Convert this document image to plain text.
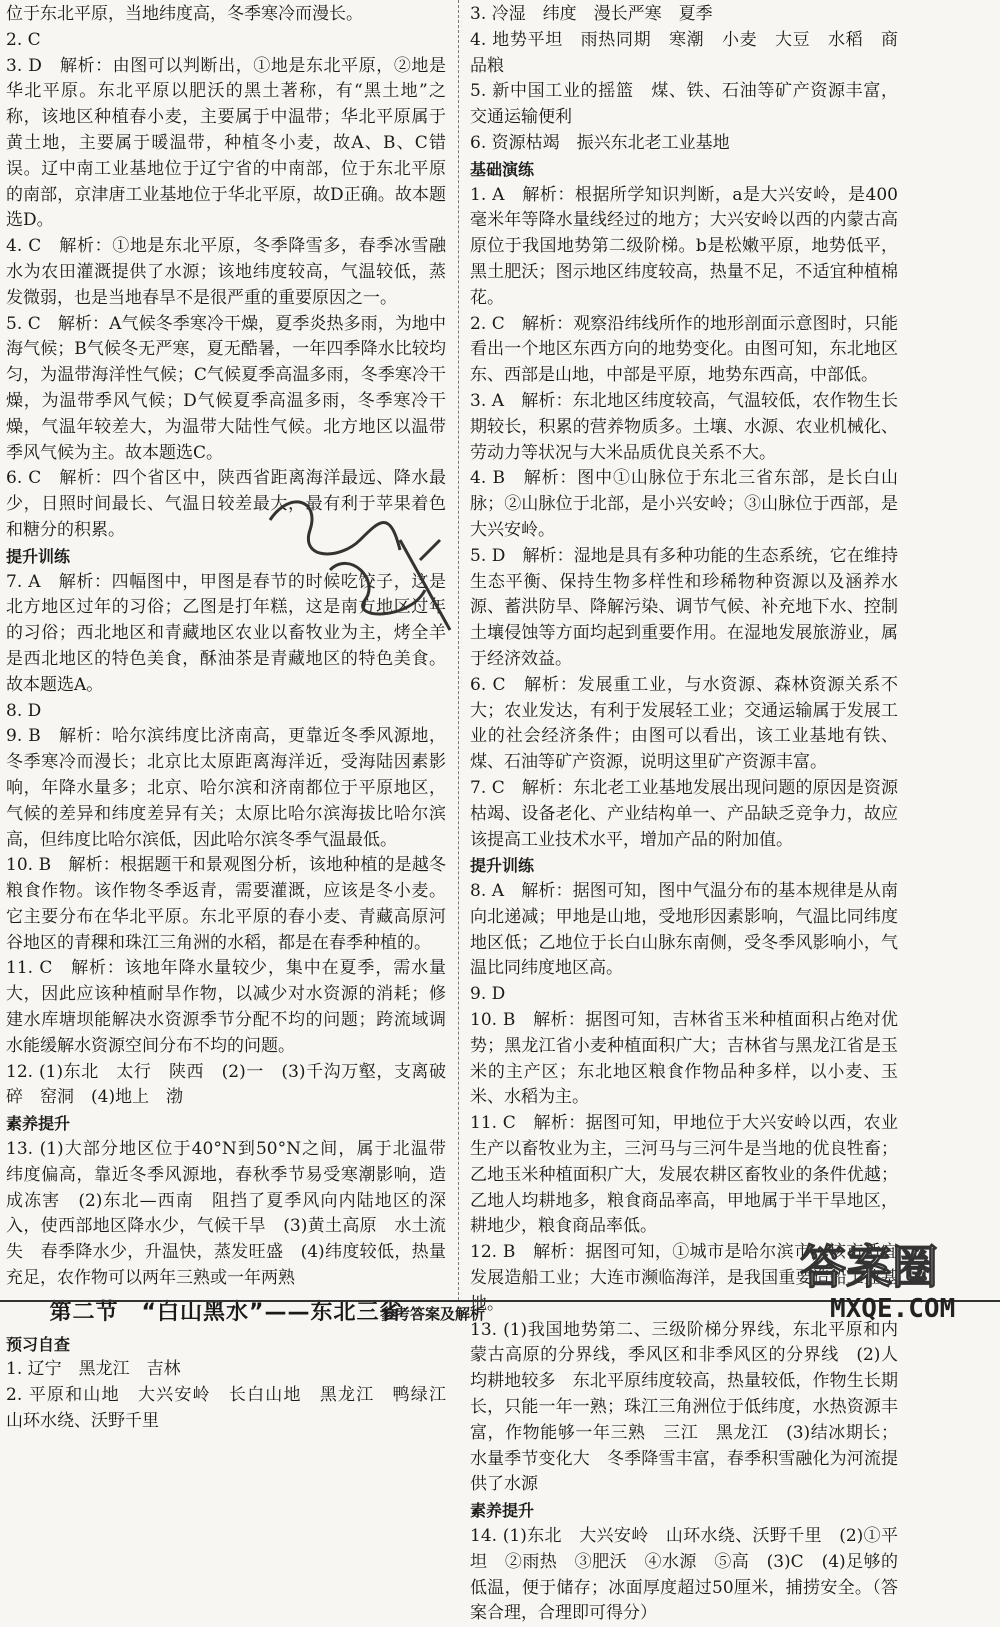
位于东北平原，当地纬度高，冬季寒冷而漫长。
2. C
3. D　解析：由图可以判断出，①地是东北平原，②地是华北平原。东北平原以肥沃的黑土著称，有“黑土地”之称，该地区种植春小麦，主要属于中温带；华北平原属于黄土地，主要属于暖温带，种植冬小麦，故A、B、C错误。辽中南工业基地位于辽宁省的中南部，位于东北平原的南部，京津唐工业基地位于华北平原，故D正确。故本题选D。
4. C　解析：①地是东北平原，冬季降雪多，春季冰雪融水为农田灌溉提供了水源；该地纬度较高，气温较低，蒸发微弱，也是当地春旱不是很严重的重要原因之一。
5. C　解析：A气候冬季寒冷干燥，夏季炎热多雨，为地中海气候；B气候冬无严寒，夏无酷暑，一年四季降水比较均匀，为温带海洋性气候；C气候夏季高温多雨，冬季寒冷干燥，为温带季风气候；D气候夏季高温多雨，冬季寒冷干燥，气温年较差大，为温带大陆性气候。北方地区以温带季风气候为主。故本题选C。
6. C　解析：四个省区中，陕西省距离海洋最远、降水最少，日照时间最长、气温日较差最大，最有利于苹果着色和糖分的积累。
提升训练
7. A　解析：四幅图中，甲图是春节的时候吃饺子，这是北方地区过年的习俗；乙图是打年糕，这是南方地区过年的习俗；西北地区和青藏地区农业以畜牧业为主，烤全羊是西北地区的特色美食，酥油茶是青藏地区的特色美食。故本题选A。
8. D
9. B　解析：哈尔滨纬度比济南高，更靠近冬季风源地，冬季寒冷而漫长；北京比太原距离海洋近，受海陆因素影响，年降水量多；北京、哈尔滨和济南都位于平原地区，气候的差异和纬度差异有关；太原比哈尔滨海拔比哈尔滨高，但纬度比哈尔滨低，因此哈尔滨冬季气温最低。
10. B　解析：根据题干和景观图分析，该地种植的是越冬粮食作物。该作物冬季返青，需要灌溉，应该是冬小麦。它主要分布在华北平原。东北平原的春小麦、青藏高原河谷地区的青稞和珠江三角洲的水稻，都是在春季种植的。
11. C　解析：该地年降水量较少，集中在夏季，需水量大，因此应该种植耐旱作物，以减少对水资源的消耗；修建水库塘坝能解决水资源季节分配不均的问题；跨流域调水能缓解水资源空间分布不均的问题。
12. (1)东北　太行　陕西　(2)一　(3)千沟万壑，支离破碎　窑洞　(4)地上　渤
素养提升
13. (1)大部分地区位于40°N到50°N之间，属于北温带　纬度偏高，靠近冬季风源地，春秋季节易受寒潮影响，造成冻害　(2)东北—西南　阻挡了夏季风向内陆地区的深入，使西部地区降水少，气候干旱　(3)黄土高原　水土流失　春季降水少，升温快，蒸发旺盛　(4)纬度较低，热量充足，农作物可以两年三熟或一年两熟
第二节　“白山黑水”——东北三省
预习自查
1. 辽宁　黑龙江　吉林
2. 平原和山地　大兴安岭　长白山地　黑龙江　鸭绿江　山环水绕、沃野千里
3. 冷湿　纬度　漫长严寒　夏季
4. 地势平坦　雨热同期　寒潮　小麦　大豆　水稻　商品粮
5. 新中国工业的摇篮　煤、铁、石油等矿产资源丰富，交通运输便利
6. 资源枯竭　振兴东北老工业基地
基础演练
1. A　解析：根据所学知识判断，a是大兴安岭，是400毫米年等降水量线经过的地方；大兴安岭以西的内蒙古高原位于我国地势第二级阶梯。b是松嫩平原，地势低平，黑土肥沃；图示地区纬度较高，热量不足，不适宜种植棉花。
2. C　解析：观察沿纬线所作的地形剖面示意图时，只能看出一个地区东西方向的地势变化。由图可知，东北地区东、西部是山地，中部是平原，地势东西高，中部低。
3. A　解析：东北地区纬度较高，气温较低，农作物生长期较长，积累的营养物质多。土壤、水源、农业机械化、劳动力等状况与大米品质优良关系不大。
4. B　解析：图中①山脉位于东北三省东部，是长白山脉；②山脉位于北部，是小兴安岭；③山脉位于西部，是大兴安岭。
5. D　解析：湿地是具有多种功能的生态系统，它在维持生态平衡、保持生物多样性和珍稀物种资源以及涵养水源、蓄洪防旱、降解污染、调节气候、补充地下水、控制土壤侵蚀等方面均起到重要作用。在湿地发展旅游业，属于经济效益。
6. C　解析：发展重工业，与水资源、森林资源关系不大；农业发达，有利于发展轻工业；交通运输属于发展工业的社会经济条件；由图可以看出，该工业基地有铁、煤、石油等矿产资源，说明这里矿产资源丰富。
7. C　解析：东北老工业基地发展出现问题的原因是资源枯竭、设备老化、产业结构单一、产品缺乏竞争力，故应该提高工业技术水平，增加产品的附加值。
提升训练
8. A　解析：据图可知，图中气温分布的基本规律是从南向北递减；甲地是山地，受地形因素影响，气温比同纬度地区低；乙地位于长白山脉东南侧，受冬季风影响小，气温比同纬度地区高。
9. D
10. B　解析：据图可知，吉林省玉米种植面积占绝对优势；黑龙江省小麦种植面积广大；吉林省与黑龙江省是玉米的主产区；东北地区粮食作物品种多样，以小麦、玉米、水稻为主。
11. C　解析：据图可知，甲地位于大兴安岭以西，农业生产以畜牧业为主，三河马与三河牛是当地的优良牲畜；乙地玉米种植面积广大，发展农耕区畜牧业的条件优越；乙地人均耕地多，粮食商品率高，甲地属于半干旱地区，耕地少，粮食商品率低。
12. B　解析：据图可知，①城市是哈尔滨市，该市适宜发展造船工业；大连市濒临海洋，是我国重要造船工业基地。
13. (1)我国地势第二、三级阶梯分界线，东北平原和内蒙古高原的分界线，季风区和非季风区的分界线　(2)人均耕地较多　东北平原纬度较高，热量较低，作物生长期长，只能一年一熟；珠江三角洲位于低纬度，水热资源丰富，作物能够一年三熟　三江　黑龙江　(3)结冰期长；水量季节变化大　冬季降雪丰富，春季积雪融化为河流提供了水源
素养提升
14. (1)东北　大兴安岭　山环水绕、沃野千里　(2)①平坦　②雨热　③肥沃　④水源　⑤高　(3)C　(4)足够的低温，便于储存；冰面厚度超过50厘米，捕捞安全。（答案合理，合理即可得分）
参考答案及解析
答案圈
MXQE.COM
